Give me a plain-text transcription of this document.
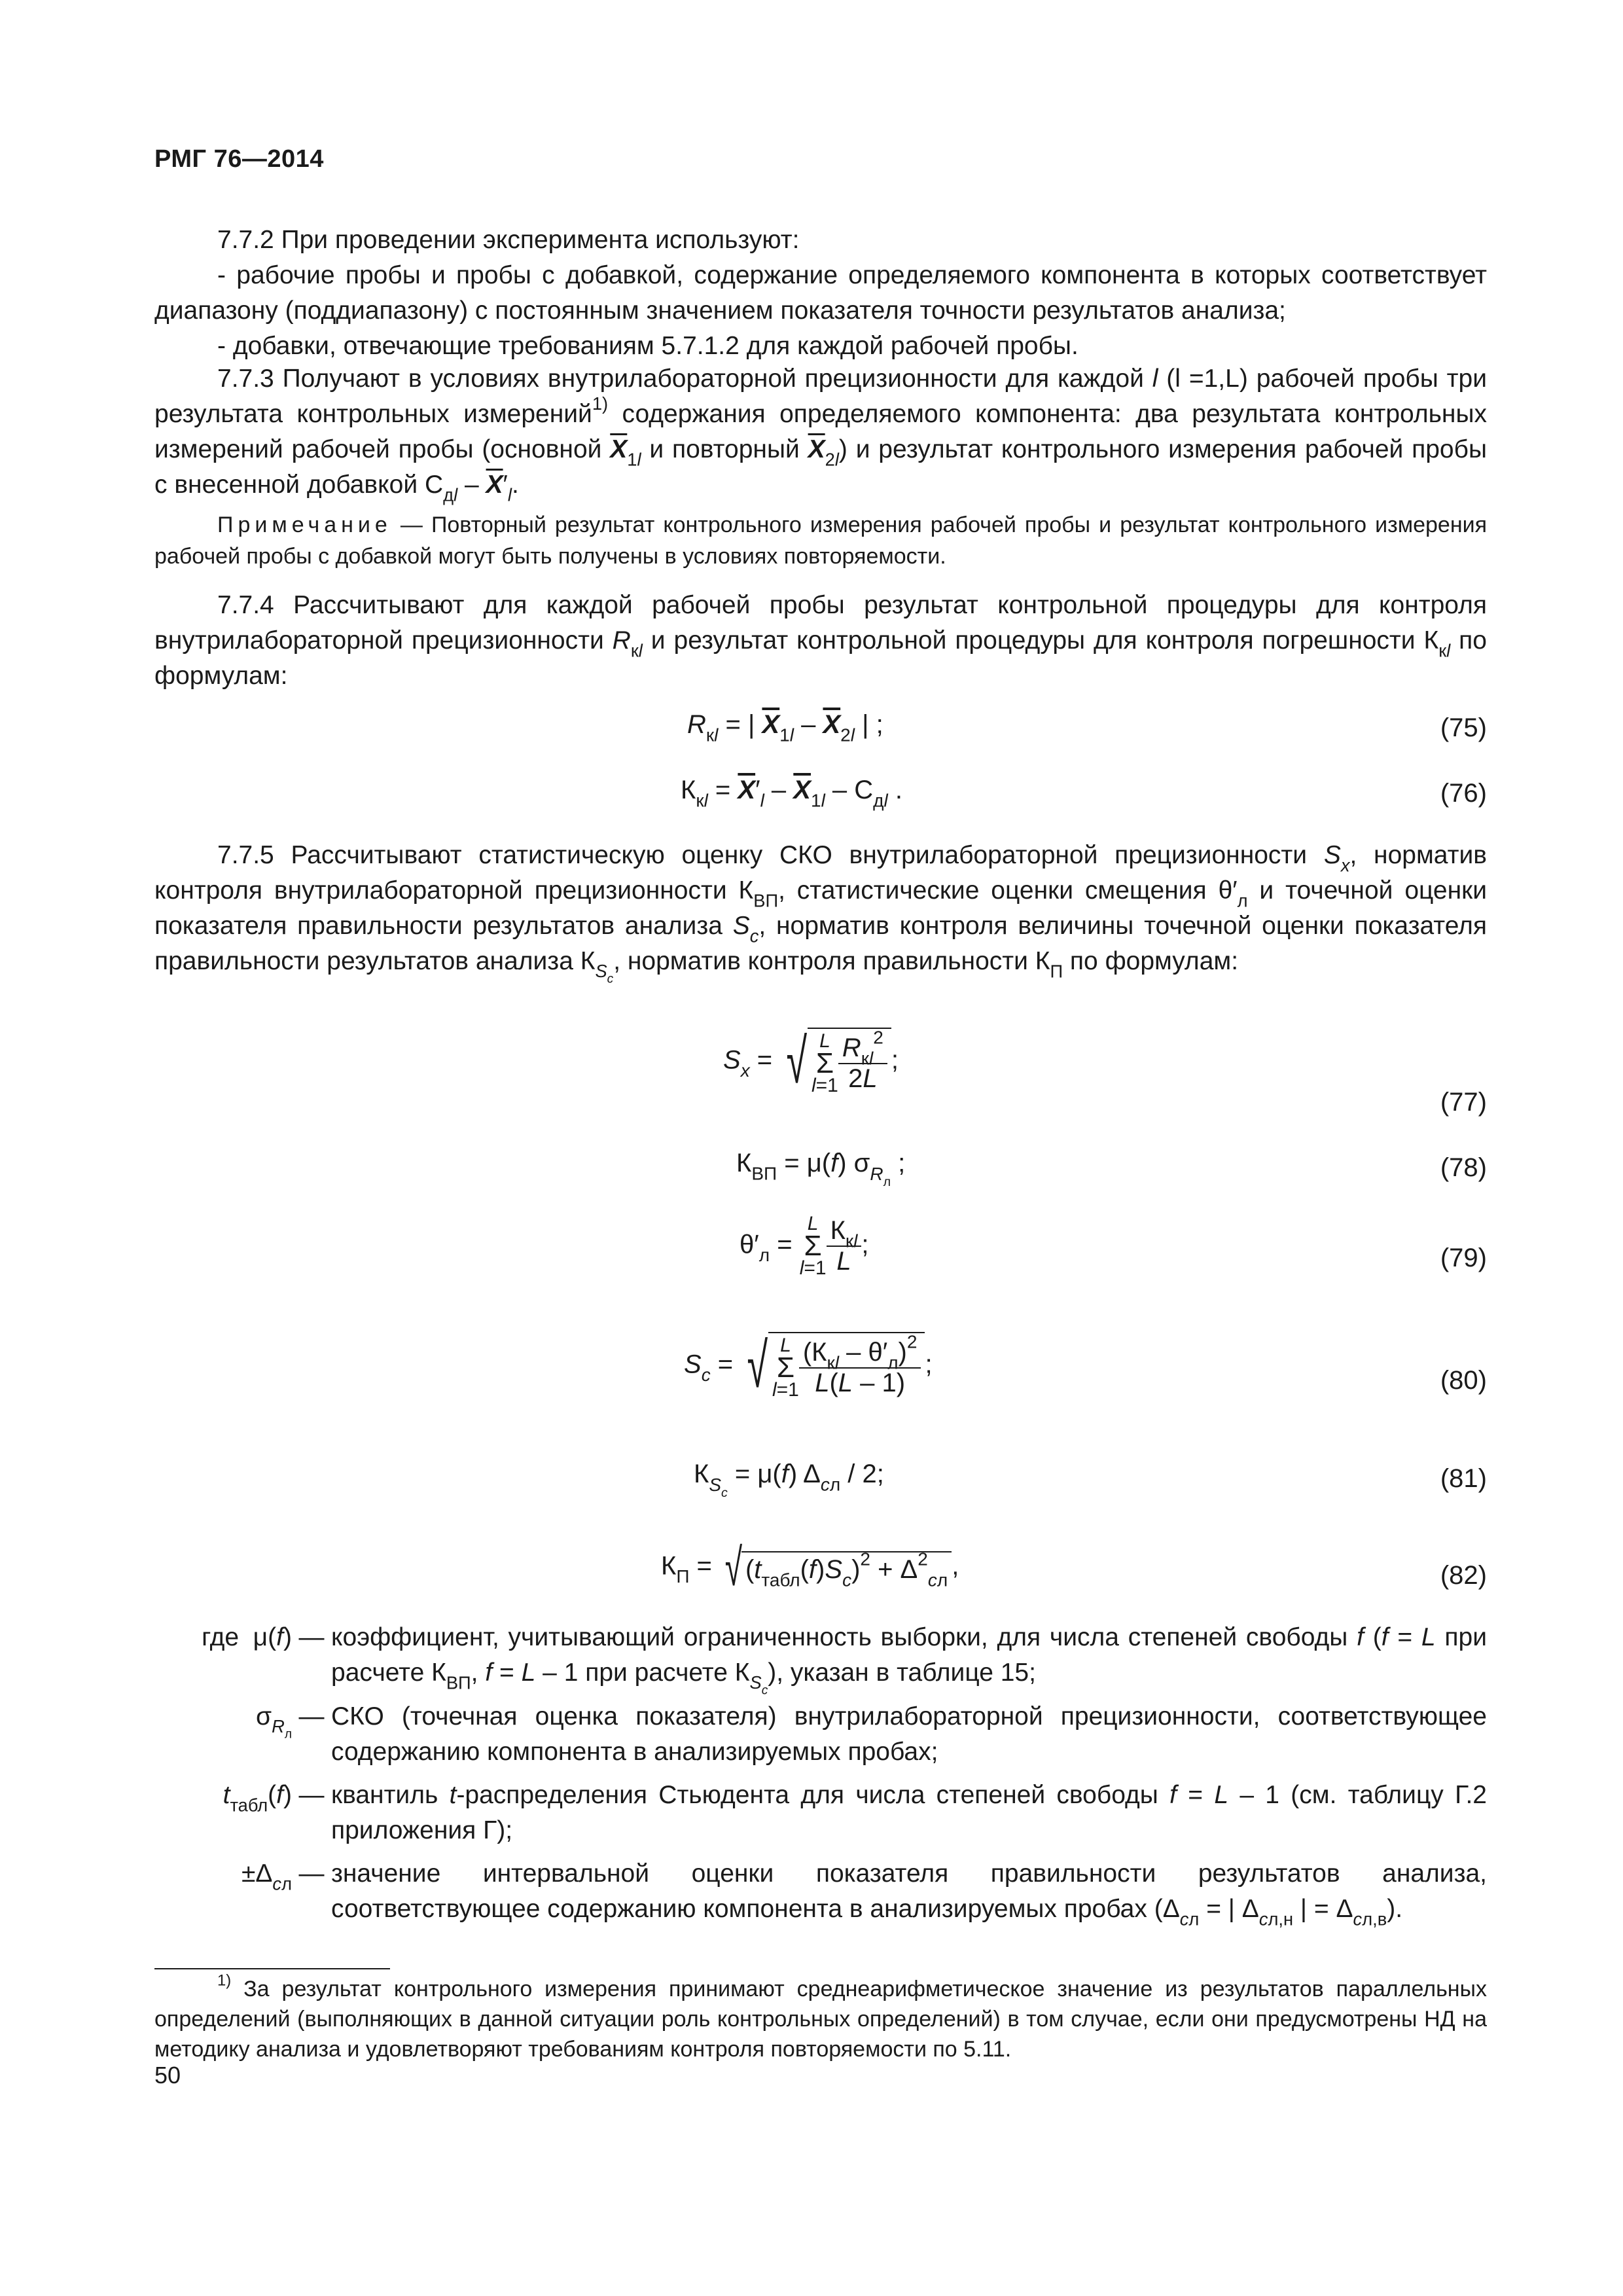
РМГ 76—2014
7.7.2 При проведении эксперимента используют:
- рабочие пробы и пробы с добавкой, содержание определяемого компонента в которых соответствует диапазону (поддиапазону) с постоянным значением показателя точности результатов анализа;
- добавки, отвечающие требованиям 5.7.1.2 для каждой рабочей пробы.
7.7.3 Получают в условиях внутрилабораторной прецизионности для каждой l (l =1,L) рабочей пробы три результата контрольных измерений$^{1)}$ содержания определяемого компонента: два результата контрольных измерений рабочей пробы (основной $\overline{X}_{1l}$ и повторный $\overline{X}_{2l}$) и результат контрольного измерения рабочей пробы с внесенной добавкой $С_{дl} - \overline{X}'_l$.
Примечание — Повторный результат контрольного измерения рабочей пробы и результат контрольного измерения рабочей пробы с добавкой могут быть получены в условиях повторяемости.
7.7.4 Рассчитывают для каждой рабочей пробы результат контрольной процедуры для контроля внутрилабораторной прецизионности $R_{кl}$ и результат контрольной процедуры для контроля погрешности $К_{кl}$ по формулам:
$R_{кl}$ = | $\overline{X}_{1l} - \overline{X}_{2l}$ | ;	(75)
$К_{кl} = \overline{X}'_l - \overline{X}_{1l} - С_{дl}$ .	(76)
7.7.5 Рассчитывают статистическую оценку СКО внутрилабораторной прецизионности $S_x$, норматив контроля внутрилабораторной прецизионности $К_{ВП}$, статистические оценки смещения $\theta'_л$ и точечной оценки показателя правильности результатов анализа $S_c$, норматив контроля величины точечной оценки показателя правильности результатов анализа $К_{S_c}$, норматив контроля правильности $К_П$ по формулам:
$S_x$ = √ L
Σ
$l=1 \frac{R_{кl}^2}{2L}$ ;
(77)
$К_{ВП} = \mu(f)$ $\sigma_{R_л}$ ;	(78)
$\theta'_л = L$
Σ
$l=1 \frac{К_{кl}}{L}$ ;	(79)
$S_c$ = √ L
Σ
$l=1 \frac{(К_{кl} - \theta'_л)^2}{L(L - 1)}$ ;
(80)
$К_{S_c} = \mu(f)$ $\Delta_{сл} / 2$;	(81)
$К_П$ = √ $(t_{табл}(f)S_c)^2 + \Delta^2_{сл}$ ,	(82)
где  μ(f) — коэффициент, учитывающий ограниченность выборки, для числа степеней свободы f (f = L при расчете $К_{ВП}$, f = L – 1 при расчете $К_{S_c}$), указан в таблице 15;
$\sigma_{R_л}$
— СКО (точечная оценка показателя) внутрилабораторной прецизионности, соответствующее содержанию компонента в анализируемых пробах;
$t_{табл}(f)$ — квантиль t-распределения Стьюдента для числа степеней свободы f = L – 1 (см. таблицу Г.2 приложения Г);
$\pm\Delta_{сл}$ — значение интервальной оценки показателя правильности результатов анализа, соответствующее содержанию компонента в анализируемых пробах ($\Delta_{сл}$ = | $\Delta_{сл,н}$ | = $\Delta_{сл,в}$).
$^{1)}$ За результат контрольного измерения принимают среднеарифметическое значение из результатов параллельных определений (выполняющих в данной ситуации роль контрольных определений) в том случае, если они предусмотрены НД на методику анализа и удовлетворяют требованиям контроля повторяемости по 5.11.
50
